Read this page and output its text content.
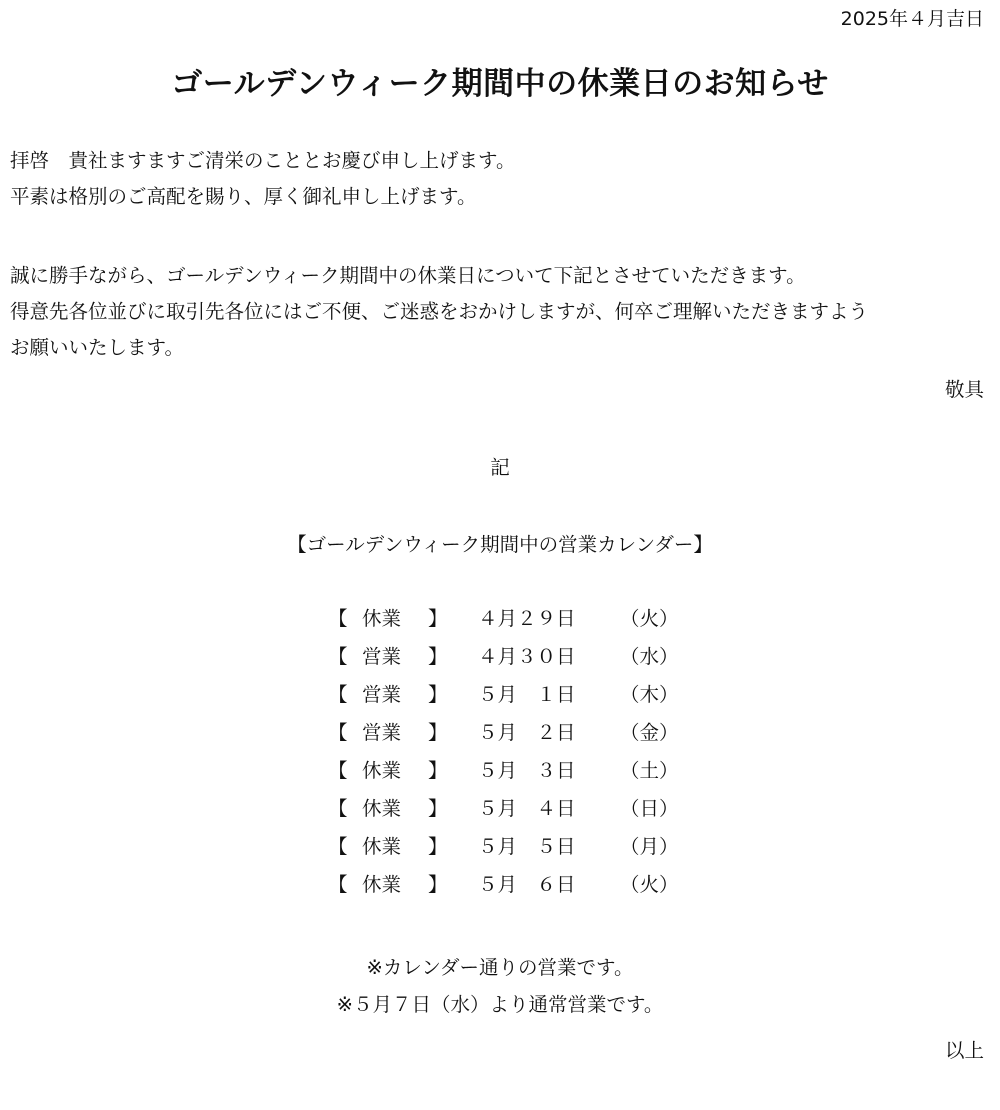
2025年４月吉日
ゴールデンウィーク期間中の休業日のお知らせ
拝啓　貴社ますますご清栄のこととお慶び申し上げます。
平素は格別のご高配を賜り、厚く御礼申し上げます。
誠に勝手ながら、ゴールデンウィーク期間中の休業日について下記とさせていただきます。
得意先各位並びに取引先各位にはご不便、ご迷惑をおかけしますが、何卒ご理解いただきますよう
お願いいたします。
敬具
記
【ゴールデンウィーク期間中の営業カレンダー】
【 休業 】 ４月２９日 （火）
【 営業 】 ４月３０日 （水）
【 営業 】 ５月　１日 （木）
【 営業 】 ５月　２日 （金）
【 休業 】 ５月　３日 （土）
【 休業 】 ５月　４日 （日）
【 休業 】 ５月　５日 （月）
【 休業 】 ５月　６日 （火）
※カレンダー通りの営業です。
※５月７日（水）より通常営業です。
以上
